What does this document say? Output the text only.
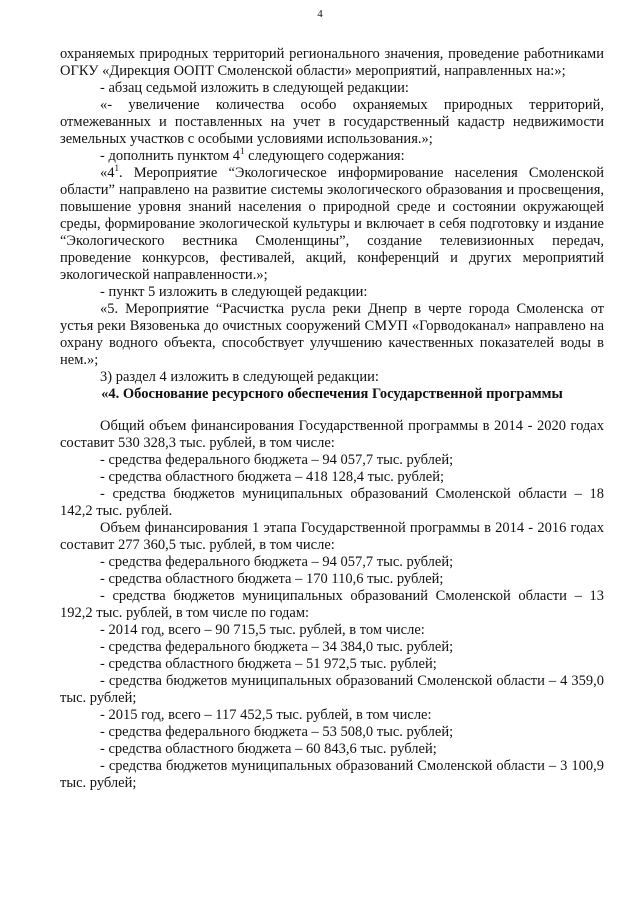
4

охраняемых природных территорий регионального значения, проведение работниками ОГКУ «Дирекция ООПТ Смоленской области» мероприятий, направленных на:»;

- абзац седьмой изложить в следующей редакции:

«- увеличение количества особо охраняемых природных территорий, отмежеванных и поставленных на учет в государственный кадастр недвижимости земельных участков с особыми условиями использования.»;

- дополнить пунктом $4^1$ следующего содержания:

«$4^1$. Мероприятие “Экологическое информирование населения Смоленской области” направлено на развитие системы экологического образования и просвещения, повышение уровня знаний населения о природной среде и состоянии окружающей среды, формирование экологической культуры и включает в себя подготовку и издание “Экологического вестника Смоленщины”, создание телевизионных передач, проведение конкурсов, фестивалей, акций, конференций и других мероприятий экологической направленности.»;

- пункт 5 изложить в следующей редакции:

«5. Мероприятие “Расчистка русла реки Днепр в черте города Смоленска от устья реки Вязовенька до очистных сооружений СМУП «Горводоканал» направлено на охрану водного объекта, способствует улучшению качественных показателей воды в нем.»;

3) раздел 4 изложить в следующей редакции:

«4. Обоснование ресурсного обеспечения Государственной программы

Общий объем финансирования Государственной программы в 2014 - 2020 годах составит 530 328,3 тыс. рублей, в том числе:

- средства федерального бюджета – 94 057,7 тыс. рублей;

- средства областного бюджета – 418 128,4 тыс. рублей;

- средства бюджетов муниципальных образований Смоленской области – 18 142,2 тыс. рублей.

Объем финансирования 1 этапа Государственной программы в 2014 - 2016 годах составит 277 360,5 тыс. рублей, в том числе:

- средства федерального бюджета – 94 057,7 тыс. рублей;

- средства областного бюджета – 170 110,6 тыс. рублей;

- средства бюджетов муниципальных образований Смоленской области – 13 192,2 тыс. рублей, в том числе по годам:

- 2014 год, всего – 90 715,5 тыс. рублей, в том числе:

- средства федерального бюджета – 34 384,0 тыс. рублей;

- средства областного бюджета – 51 972,5 тыс. рублей;

- средства бюджетов муниципальных образований Смоленской области – 4 359,0 тыс. рублей;

- 2015 год, всего – 117 452,5 тыс. рублей, в том числе:

- средства федерального бюджета – 53 508,0 тыс. рублей;

- средства областного бюджета – 60 843,6 тыс. рублей;

- средства бюджетов муниципальных образований Смоленской области – 3 100,9 тыс. рублей;
